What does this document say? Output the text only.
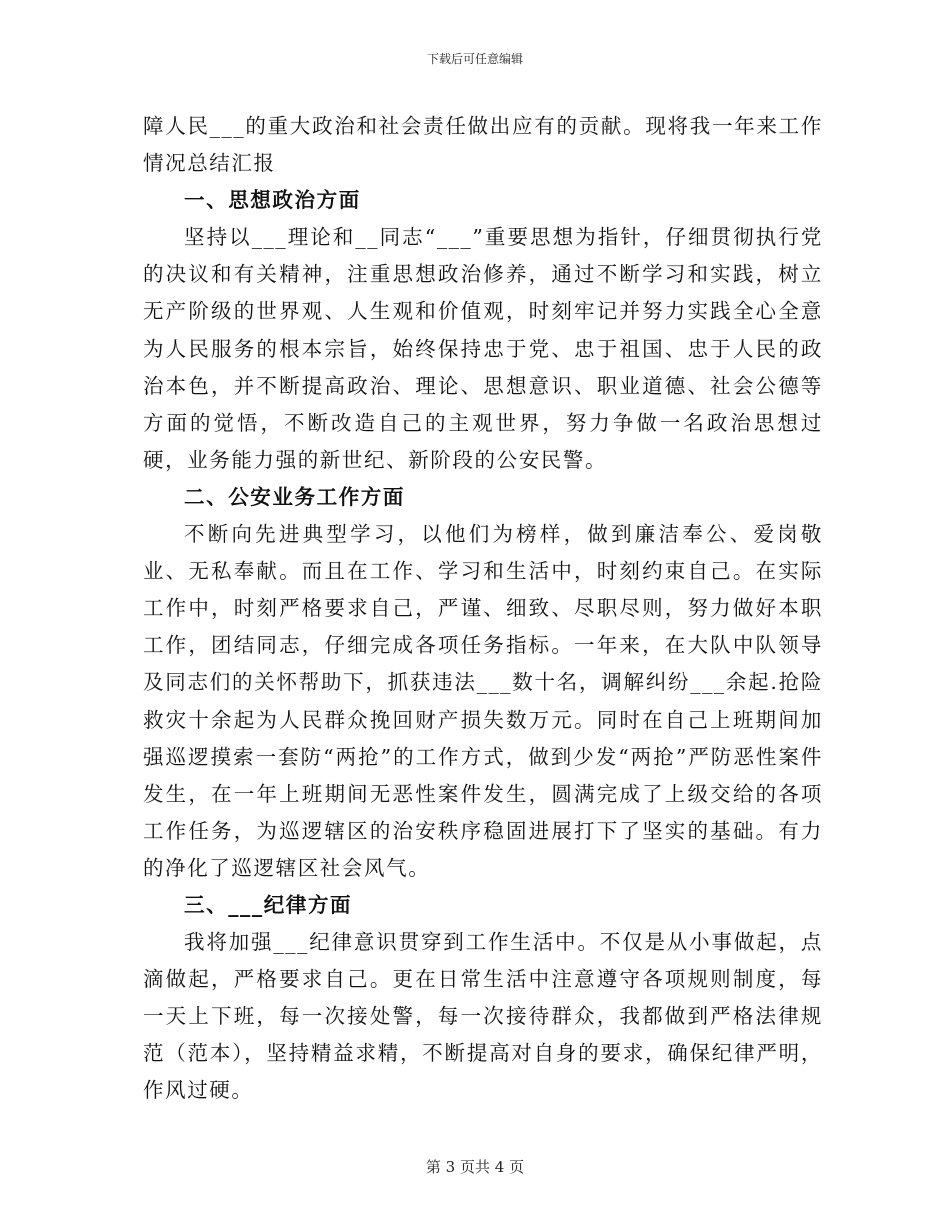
下载后可任意编辑

障人民___的重大政治和社会责任做出应有的贡献。现将我一年来工作情况总结汇报

一、思想政治方面

坚持以___理论和__同志“___”重要思想为指针，仔细贯彻执行党的决议和有关精神，注重思想政治修养，通过不断学习和实践，树立无产阶级的世界观、人生观和价值观，时刻牢记并努力实践全心全意为人民服务的根本宗旨，始终保持忠于党、忠于祖国、忠于人民的政治本色，并不断提高政治、理论、思想意识、职业道德、社会公德等方面的觉悟，不断改造自己的主观世界，努力争做一名政治思想过硬，业务能力强的新世纪、新阶段的公安民警。

二、公安业务工作方面

不断向先进典型学习，以他们为榜样，做到廉洁奉公、爱岗敬业、无私奉献。而且在工作、学习和生活中，时刻约束自己。在实际工作中，时刻严格要求自己，严谨、细致、尽职尽则，努力做好本职工作，团结同志，仔细完成各项任务指标。一年来，在大队中队领导及同志们的关怀帮助下，抓获违法___数十名，调解纠纷___余起.抢险救灾十余起为人民群众挽回财产损失数万元。同时在自己上班期间加强巡逻摸索一套防“两抢”的工作方式，做到少发“两抢”严防恶性案件发生，在一年上班期间无恶性案件发生，圆满完成了上级交给的各项工作任务，为巡逻辖区的治安秩序稳固进展打下了坚实的基础。有力的净化了巡逻辖区社会风气。

三、___纪律方面

我将加强___纪律意识贯穿到工作生活中。不仅是从小事做起，点滴做起，严格要求自己。更在日常生活中注意遵守各项规则制度，每一天上下班，每一次接处警，每一次接待群众，我都做到严格法律规范（范本），坚持精益求精，不断提高对自身的要求，确保纪律严明，作风过硬。

第 3 页共 4 页
